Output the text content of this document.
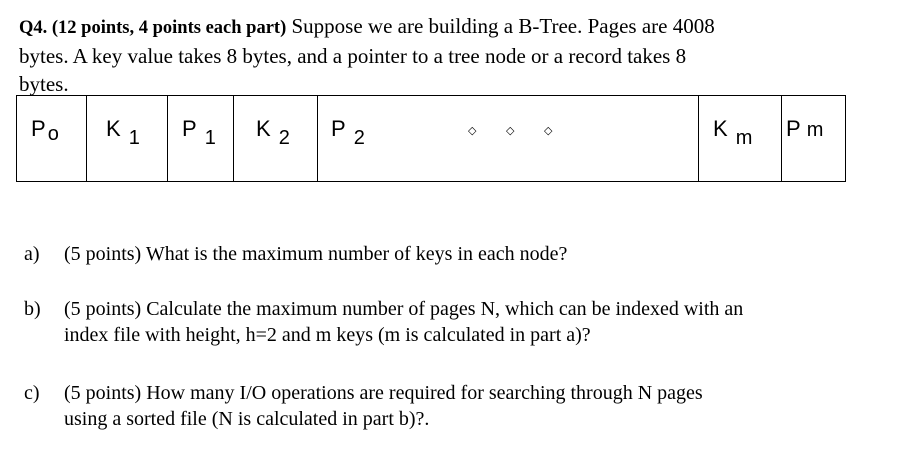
Q4. (12 points, 4 points each part) Suppose we are building a B-Tree. Pages are 4008
bytes. A key value takes 8 bytes, and a pointer to a tree node or a record takes 8
bytes.
P o K 1 P 1 K 2 P 2	◇	◇	◇	K m P m
a) (5 points) What is the maximum number of keys in each node?
b) (5 points) Calculate the maximum number of pages N, which can be indexed with an
index file with height, h=2 and m keys (m is calculated in part a)?
c) (5 points) How many I/O operations are required for searching through N pages
using a sorted file (N is calculated in part b)?.
